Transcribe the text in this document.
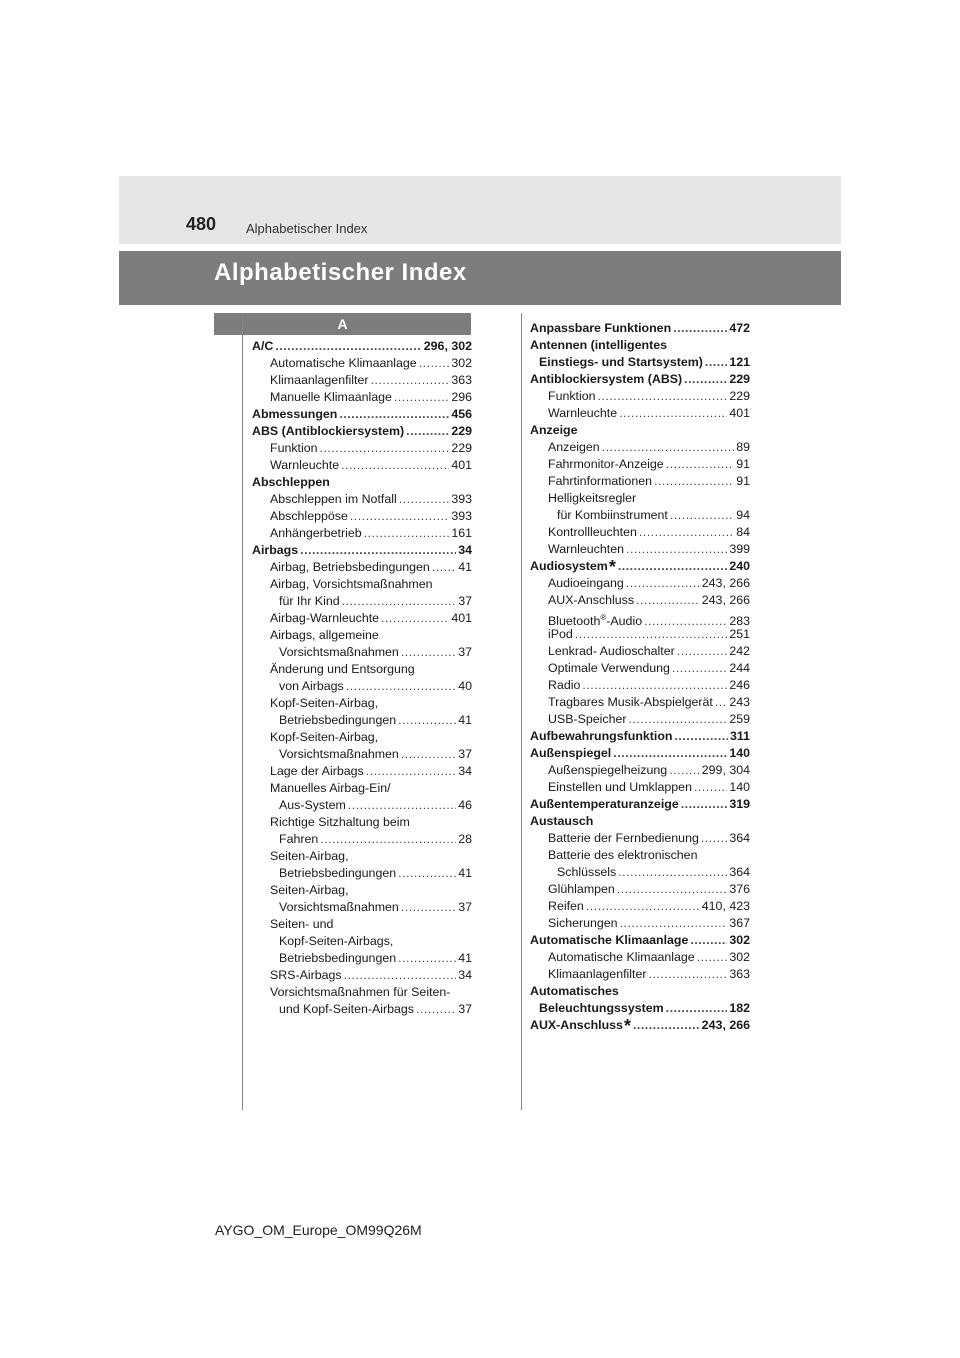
480 Alphabetischer Index
Alphabetischer Index
A
A/C .....	296, 302
Automatische Klimaanlage .....	302
Klimaanlagenfilter .....	363
Manuelle Klimaanlage .....	296
Abmessungen .....	456
ABS (Antiblockiersystem) .....	229
Funktion .....	229
Warnleuchte .....	401
Abschleppen
Abschleppen im Notfall .....	393
Abschleppöse .....	393
Anhängerbetrieb .....	161
Airbags .....	34
Airbag, Betriebsbedingungen ..... 41
Airbag, Vorsichtsmaßnahmen
für Ihr Kind .....	37
Airbag-Warnleuchte .....	401
Airbags, allgemeine
Vorsichtsmaßnahmen .....	37
Änderung und Entsorgung
von Airbags .....	40
Kopf-Seiten-Airbag,
Betriebsbedingungen .....	41
Kopf-Seiten-Airbag,
Vorsichtsmaßnahmen .....	37
Lage der Airbags .....	34
Manuelles Airbag-Ein/
Aus-System .....	46
Richtige Sitzhaltung beim
Fahren .....	28
Seiten-Airbag,
Betriebsbedingungen .....	41
Seiten-Airbag,
Vorsichtsmaßnahmen .....	37
Seiten- und
Kopf-Seiten-Airbags,
Betriebsbedingungen .....	41
SRS-Airbags .....	34
Vorsichtsmaßnahmen für Seiten-
und Kopf-Seiten-Airbags .....	37
Anpassbare Funktionen .....	472
Antennen (intelligentes
Einstiegs- und Startsystem) ..... 121
Antiblockiersystem (ABS) .....	229
Funktion .....	229
Warnleuchte .....	401
Anzeige
Anzeigen .....	89
Fahrmonitor-Anzeige .....	91
Fahrtinformationen .....	91
Helligkeitsregler
für Kombiinstrument .....	94
Kontrollleuchten .....	84
Warnleuchten .....	399
Audiosystem* .....	240
Audioeingang .....	243, 266
AUX-Anschluss .....	243, 266
Bluetooth®-Audio .....	283
iPod .....	251
Lenkrad- Audioschalter .....	242
Optimale Verwendung .....	244
Radio .....	246
Tragbares Musik-Abspielgerät ..... 243
USB-Speicher .....	259
Aufbewahrungsfunktion .....	311
Außenspiegel .....	140
Außenspiegelheizung .....	299, 304
Einstellen und Umklappen .....	140
Außentemperaturanzeige .....	319
Austausch
Batterie der Fernbedienung ..... 364
Batterie des elektronischen
Schlüssels .....	364
Glühlampen .....	376
Reifen .....	410, 423
Sicherungen .....	367
Automatische Klimaanlage .....	302
Automatische Klimaanlage .....	302
Klimaanlagenfilter .....	363
Automatisches
Beleuchtungssystem .....	182
AUX-Anschluss* .....	243, 266
AYGO_OM_Europe_OM99Q26M
